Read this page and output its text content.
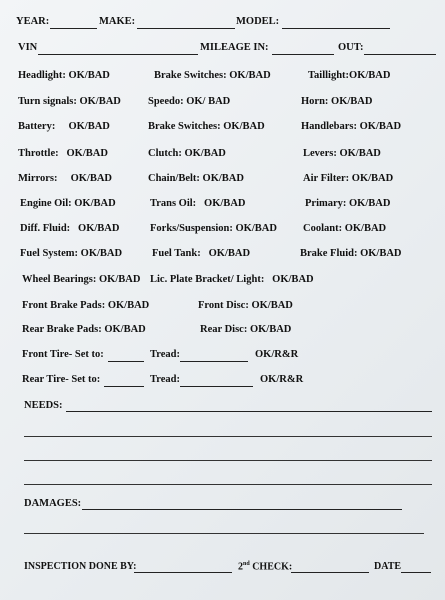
YEAR:	MAKE:	MODEL:
VIN	MILEAGE IN:	OUT:
Headlight: OK/BAD	Brake Switches: OK/BAD	Taillight:OK/BAD
Turn signals: OK/BAD	Speedo: OK/ BAD	Horn: OK/BAD
Battery:     OK/BAD	Brake Switches: OK/BAD	Handlebars: OK/BAD
Throttle:   OK/BAD	Clutch: OK/BAD	Levers: OK/BAD
Mirrors:     OK/BAD	Chain/Belt: OK/BAD	Air Filter: OK/BAD
Engine Oil: OK/BAD	Trans Oil:   OK/BAD	Primary: OK/BAD
Diff. Fluid:   OK/BAD	Forks/Suspension: OK/BAD Coolant: OK/BAD
Fuel System: OK/BAD	Fuel Tank:   OK/BAD	Brake Fluid: OK/BAD
Wheel Bearings: OK/BAD Lic. Plate Bracket/ Light:   OK/BAD
Front Brake Pads: OK/BAD	Front Disc: OK/BAD
Rear Brake Pads: OK/BAD	Rear Disc: OK/BAD
Front Tire- Set to:	Tread:	OK/R&R
Rear Tire- Set to:	Tread:	OK/R&R
NEEDS:
DAMAGES:
INSPECTION DONE BY:	2nd CHECK:	DATE
